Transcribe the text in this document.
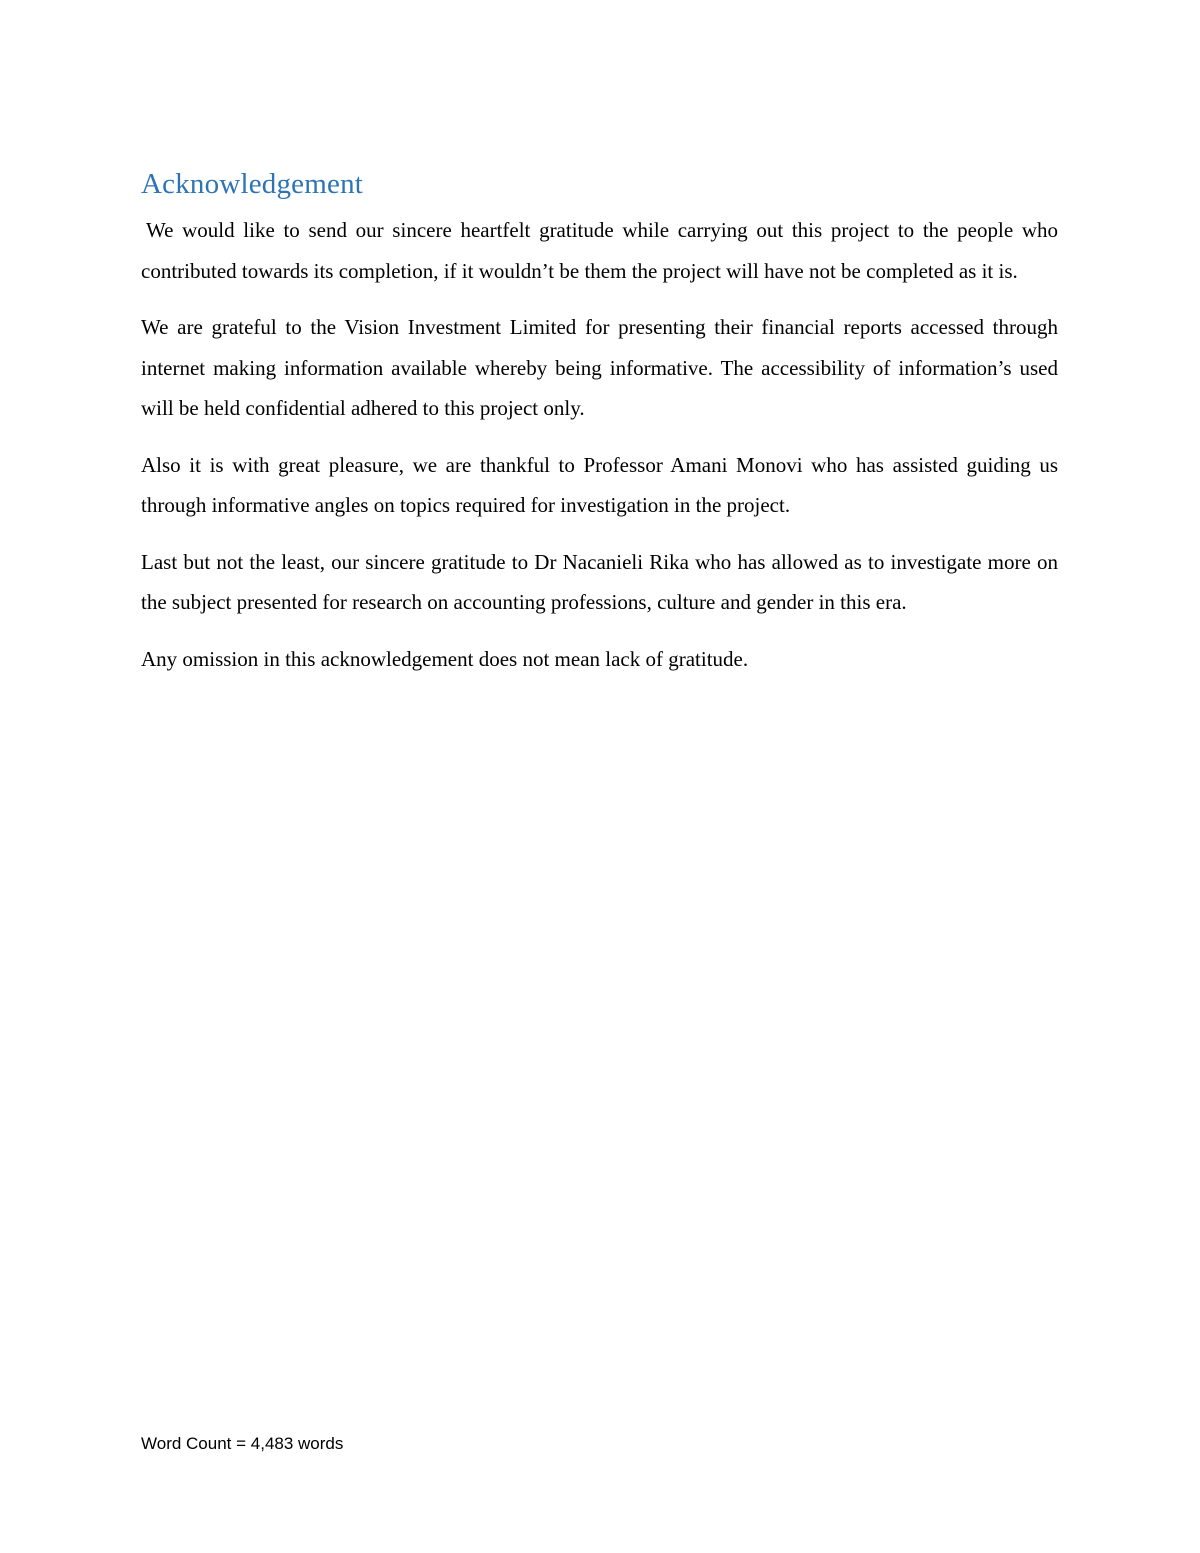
Acknowledgement

We would like to send our sincere heartfelt gratitude while carrying out this project to the people who contributed towards its completion, if it wouldn’t be them the project will have not be completed as it is.

We are grateful to the Vision Investment Limited for presenting their financial reports accessed through internet making information available whereby being informative. The accessibility of information’s used will be held confidential adhered to this project only.

Also it is with great pleasure, we are thankful to Professor Amani Monovi who has assisted guiding us through informative angles on topics required for investigation in the project.

Last but not the least, our sincere gratitude to Dr Nacanieli Rika who has allowed as to investigate more on the subject presented for research on accounting professions, culture and gender in this era.

Any omission in this acknowledgement does not mean lack of gratitude.

Word Count = 4,483 words
